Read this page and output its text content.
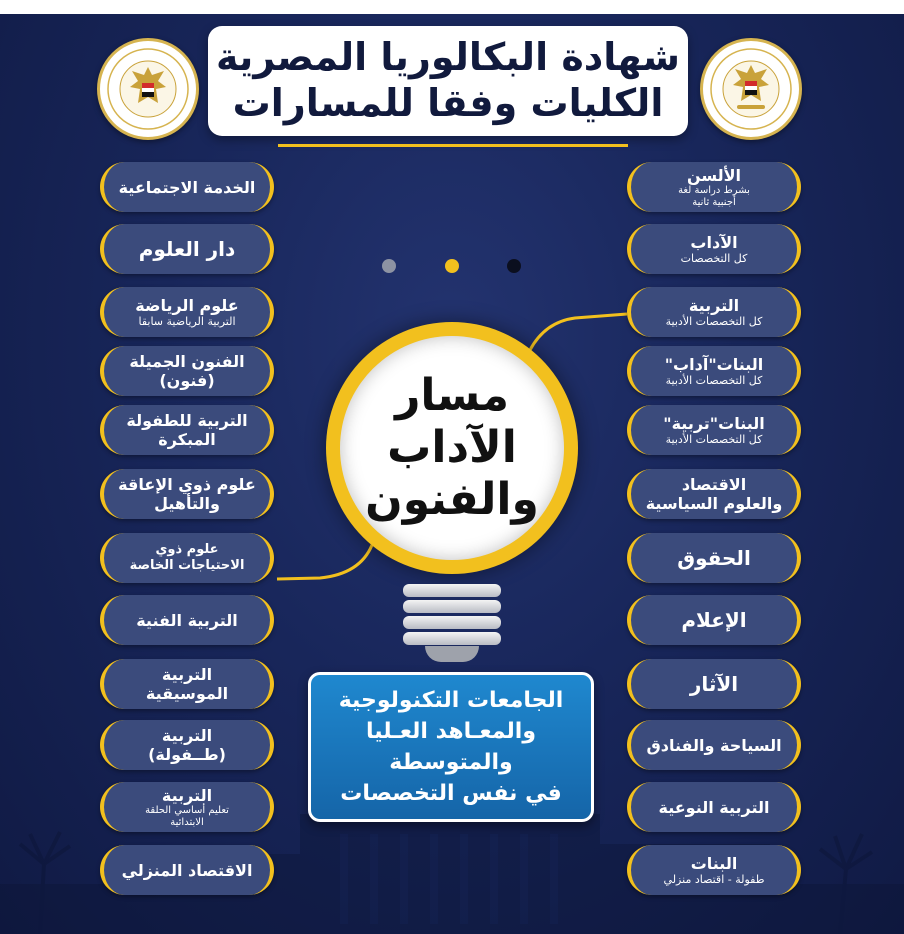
شهادة البكالوريا المصرية
الكليات وفقا للمسارات
الألسن
بشرط دراسة لغة
أجنبية ثانية
الآداب
كل التخصصات
التربية
كل التخصصات الأدبية
البنات"آداب"
كل التخصصات الأدبية
البنات"تربية"
كل التخصصات الأدبية
الاقتصاد
والعلوم السياسية
الحقوق
الإعلام
الآثار
السياحة والفنادق
التربية النوعية
البنات
طفولة - اقتصاد منزلي
الخدمة الاجتماعية
دار العلوم
علوم الرياضة
التربية الرياضية سابقا
الفنون الجميلة
(فنون)
التربية للطفولة
المبكرة
علوم ذوي الإعاقة
والتأهيل
علوم ذوي
الاحتياجات الخاصة
التربية الفنية
التربية
الموسيقية
التربية
(طــفولة)
التربية
تعليم أساسي الحلقة
الابتدائية
الاقتصاد المنزلي
مسار
الآداب
والفنون
الجامعات التكنولوجية
والمعـاهد العـليا
والمتوسطة
في نفس التخصصات
